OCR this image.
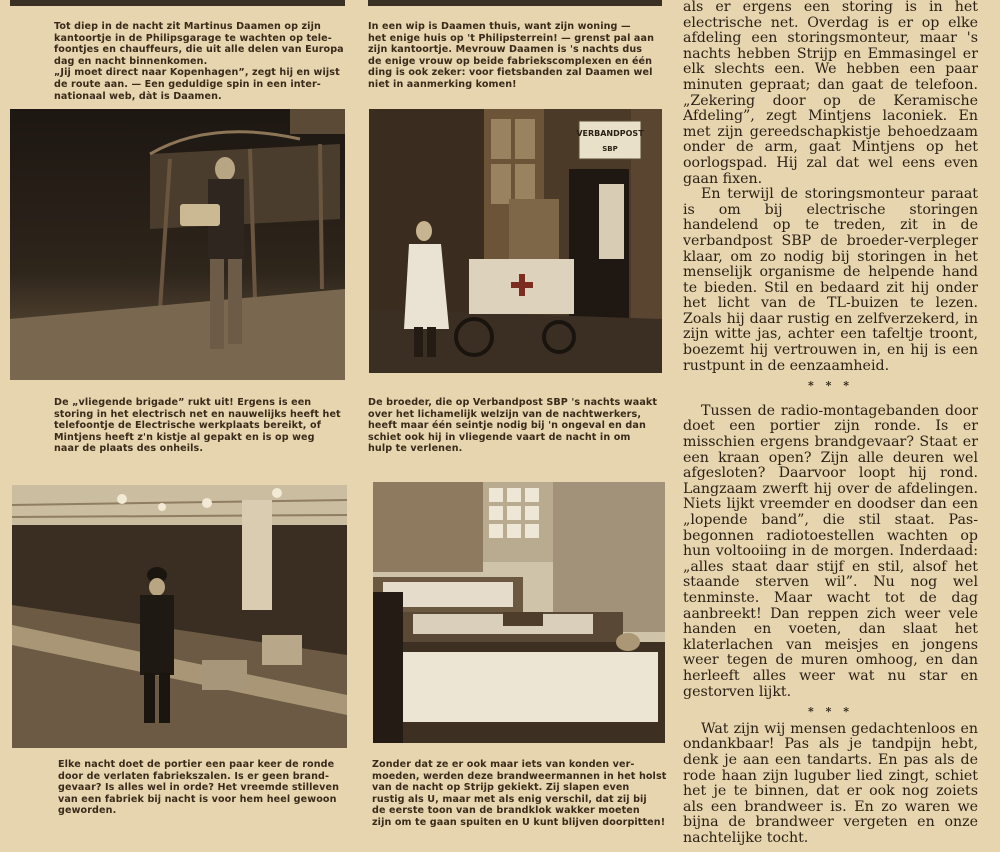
Tot diep in de nacht zit Martinus Daamen op zijn
kantoortje in de Philipsgarage te wachten op tele-
foontjes en chauffeurs, die uit alle delen van Europa
dag en nacht binnenkomen.
„Jij moet direct naar Kopenhagen”, zegt hij en wijst
de route aan. — Een geduldige spin in een inter-
nationaal web, dàt is Daamen.

In een wip is Daamen thuis, want zijn woning —
het enige huis op 't Philipsterrein! — grenst pal aan
zijn kantoortje. Mevrouw Daamen is 's nachts dus
de enige vrouw op beide fabriekscomplexen en één
ding is ook zeker: voor fietsbanden zal Daamen wel
niet in aanmerking komen!

VERBANDPOST
SBP

De „vliegende brigade” rukt uit! Ergens is een
storing in het electrisch net en nauwelijks heeft het
telefoontje de Electrische werkplaats bereikt, of
Mintjens heeft z'n kistje al gepakt en is op weg
naar de plaats des onheils.

De broeder, die op Verbandpost SBP 's nachts waakt
over het lichamelijk welzijn van de nachtwerkers,
heeft maar één seintje nodig bij 'n ongeval en dan
schiet ook hij in vliegende vaart de nacht in om
hulp te verlenen.

Elke nacht doet de portier een paar keer de ronde
door de verlaten fabriekszalen. Is er geen brand-
gevaar? Is alles wel in orde? Het vreemde stilleven
van een fabriek bij nacht is voor hem heel gewoon
geworden.

Zonder dat ze er ook maar iets van konden ver-
moeden, werden deze brandweermannen in het holst
van de nacht op Strijp gekiekt. Zij slapen even
rustig als U, maar met als enig verschil, dat zij bij
de eerste toon van de brandklok wakker moeten
zijn om te gaan spuiten en U kunt blijven doorpitten!

als er ergens een storing is in het electrische net. Overdag is er op elke afdeling een storingsmonteur, maar 's nachts hebben Strijp en Emmasingel er elk slechts een. We hebben een paar minuten gepraat; dan gaat de telefoon. „Zekering door op de Keramische Afdeling”, zegt Mintjens laconiek. En met zijn gereedschapkistje behoedzaam onder de arm, gaat Mintjens op het oorlogspad. Hij zal dat wel eens even gaan fixen.

En terwijl de storingsmonteur paraat is om bij electrische storingen handelend op te treden, zit in de verbandpost SBP de broeder-verpleger klaar, om zo nodig bij storingen in het menselijk organisme de helpende hand te bieden. Stil en bedaard zit hij onder het licht van de TL-buizen te lezen. Zoals hij daar rustig en zelfverzekerd, in zijn witte jas, achter een tafeltje troont, boezemt hij vertrouwen in, en hij is een rustpunt in de eenzaamheid.

* * *

Tussen de radio-montagebanden door doet een portier zijn ronde. Is er misschien ergens brandgevaar? Staat er een kraan open? Zijn alle deuren wel afgesloten? Daarvoor loopt hij rond. Langzaam zwerft hij over de afdelingen. Niets lijkt vreemder en doodser dan een „lopende band”, die stil staat. Pas-begonnen radiotoestellen wachten op hun voltooiing in de morgen. Inderdaad: „alles staat daar stijf en stil, alsof het staande sterven wil”. Nu nog wel tenminste. Maar wacht tot de dag aanbreekt! Dan reppen zich weer vele handen en voeten, dan slaat het klaterlachen van meisjes en jongens weer tegen de muren omhoog, en dan herleeft alles weer wat nu star en gestorven lijkt.

* * *

Wat zijn wij mensen gedachtenloos en ondankbaar! Pas als je tandpijn hebt, denk je aan een tandarts. En pas als de rode haan zijn luguber lied zingt, schiet het je te binnen, dat er ook nog zoiets als een brandweer is. En zo waren we bijna de brandweer vergeten en onze nachtelijke tocht.
